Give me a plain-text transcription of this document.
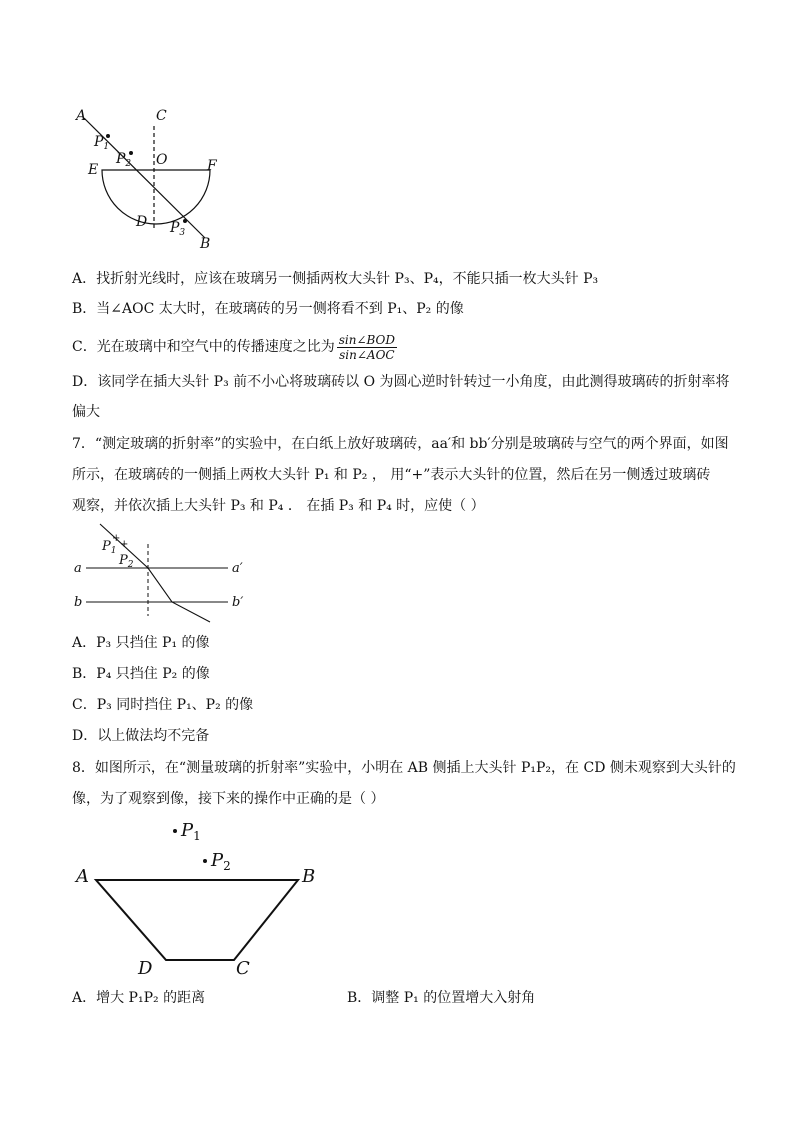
A	C
$P_1$
$P_2$ O
E	F
D $P_3$
B
A．找折射光线时，应该在玻璃另一侧插两枚大头针 P₃、P₄，不能只插一枚大头针 P₃
B．当∠AOC 太大时，在玻璃砖的另一侧将看不到 P₁、P₂ 的像
C．光在玻璃中和空气中的传播速度之比为 $\frac{\text{sin∠BOD}}{\text{sin∠AOC}}$
D．该同学在插大头针 P₃ 前不小心将玻璃砖以 O 为圆心逆时针转过一小角度，由此测得玻璃砖的折射率将
偏大
7．“测定玻璃的折射率”的实验中，在白纸上放好玻璃砖，aa′和 bb′分别是玻璃砖与空气的两个界面，如图
所示，在玻璃砖的一侧插上两枚大头针 P₁ 和 P₂ ， 用“+”表示大头针的位置，然后在另一侧透过玻璃砖
观察，并依次插上大头针 P₃ 和 P₄ ． 在插 P₃ 和 P₄ 时，应使（ ）
+
+
$P_1$
$P_2$
a	a′
b	b′
A．P₃ 只挡住 P₁ 的像
B．P₄ 只挡住 P₂ 的像
C．P₃ 同时挡住 P₁、P₂ 的像
D．以上做法均不完备
8．如图所示，在“测量玻璃的折射率”实验中，小明在 AB 侧插上大头针 P₁P₂，在 CD 侧未观察到大头针的
像，为了观察到像，接下来的操作中正确的是（ ）
$P_1$
$P_2$
A	B
D	C
A．增大 P₁P₂ 的距离	B．调整 P₁ 的位置增大入射角
